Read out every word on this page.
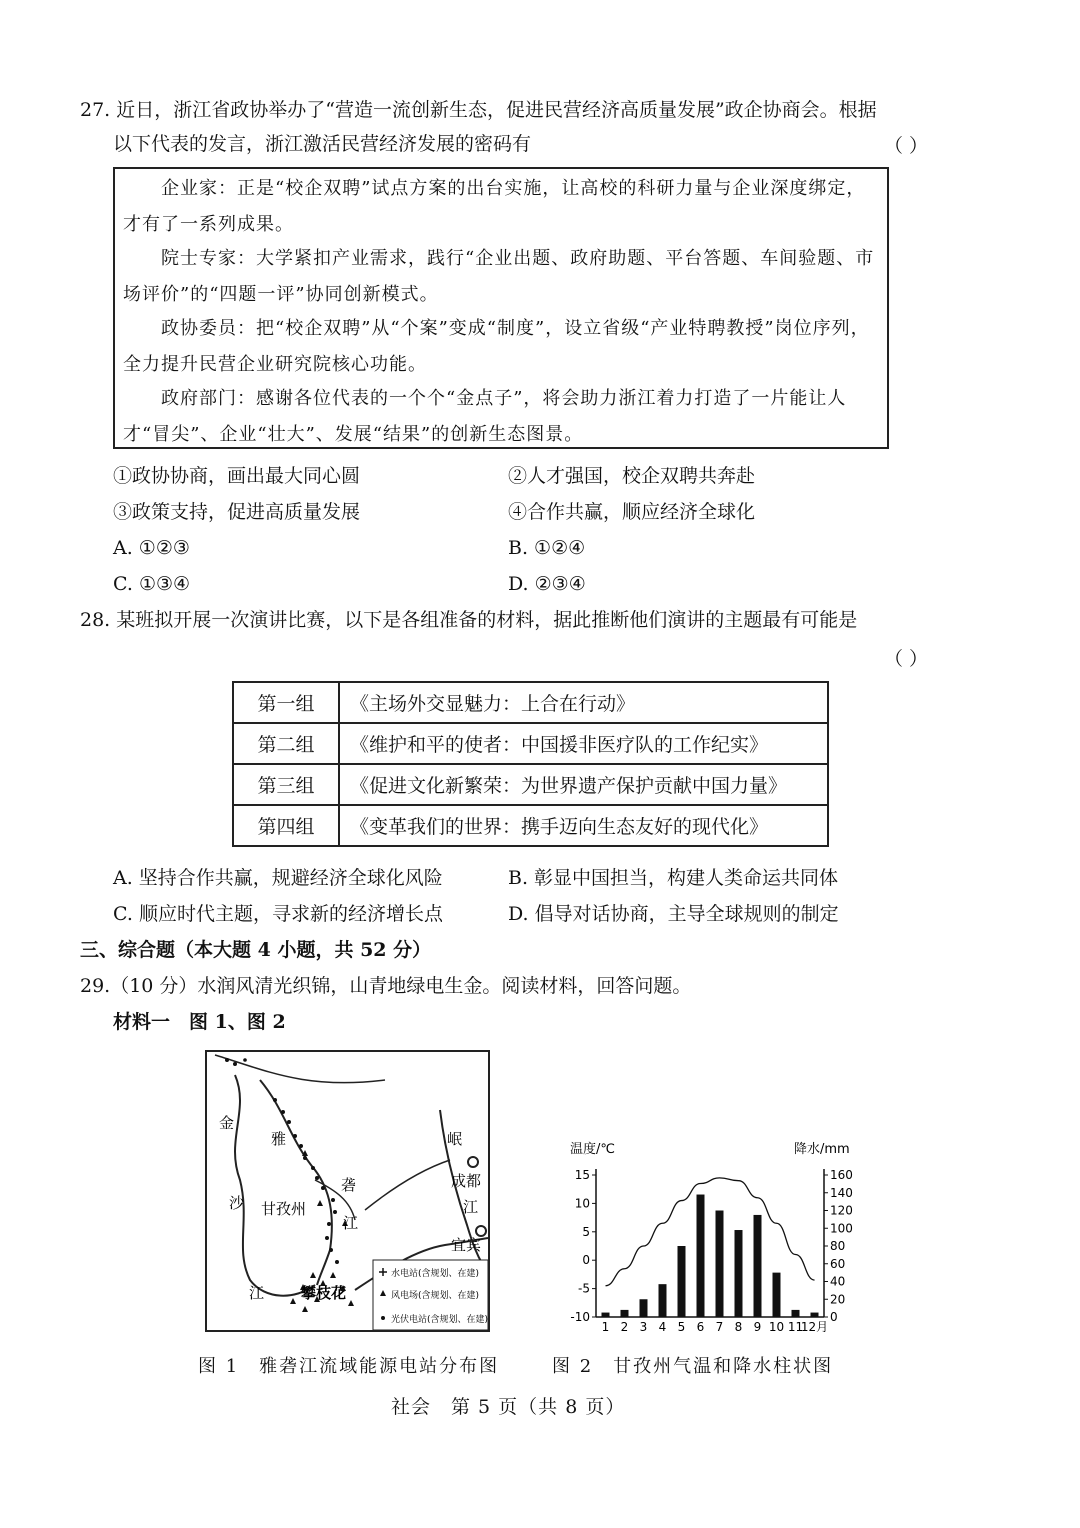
27. 近日，浙江省政协举办了“营造一流创新生态，促进民营经济高质量发展”政企协商会。根据
以下代表的发言，浙江激活民营经济发展的密码有	（ ）
　　企业家：正是“校企双聘”试点方案的出台实施，让高校的科研力量与企业深度绑定，才有了一系列成果。
　　院士专家：大学紧扣产业需求，践行“企业出题、政府助题、平台答题、车间验题、市场评价”的“四题一评”协同创新模式。
　　政协委员：把“校企双聘”从“个案”变成“制度”，设立省级“产业特聘教授”岗位序列，全力提升民营企业研究院核心功能。
　　政府部门：感谢各位代表的一个个“金点子”，将会助力浙江着力打造了一片能让人才“冒尖”、企业“壮大”、发展“结果”的创新生态图景。
①政协协商，画出最大同心圆	②人才强国，校企双聘共奔赴
③政策支持，促进高质量发展	④合作共赢，顺应经济全球化
A. ①②③	B. ①②④
C. ①③④	D. ②③④
28. 某班拟开展一次演讲比赛，以下是各组准备的材料，据此推断他们演讲的主题最有可能是
（ ）
第一组	《主场外交显魅力：上合在行动》
第二组	《维护和平的使者：中国援非医疗队的工作纪实》
第三组	《促进文化新繁荣：为世界遗产保护贡献中国力量》
第四组	《变革我们的世界：携手迈向生态友好的现代化》
A. 坚持合作共赢，规避经济全球化风险	B. 彰显中国担当，构建人类命运共同体
C. 顺应时代主题，寻求新的经济增长点	D. 倡导对话协商，主导全球规则的制定
三、综合题（本大题 4 小题，共 52 分）
29.（10 分）水润风清光织锦，山青地绿电生金。阅读材料，回答问题。
材料一　图 1、图 2
金
沙
江
雅
砻
江
甘孜州
岷
成都
江
宜宾
攀枝花
水电站(含规划、在建)
风电场(含规划、在建)
光伏电站(含规划、在建)
温度/℃	降水/mm
-10
-5
0
5
10
15
0
20
40
60
80
100
120
140
160
1 2 3 4 5 6 7 8 9 10 11
12月
图 1　雅砻江流域能源电站分布图	图 2　甘孜州气温和降水柱状图
社会　第 5 页（共 8 页）
